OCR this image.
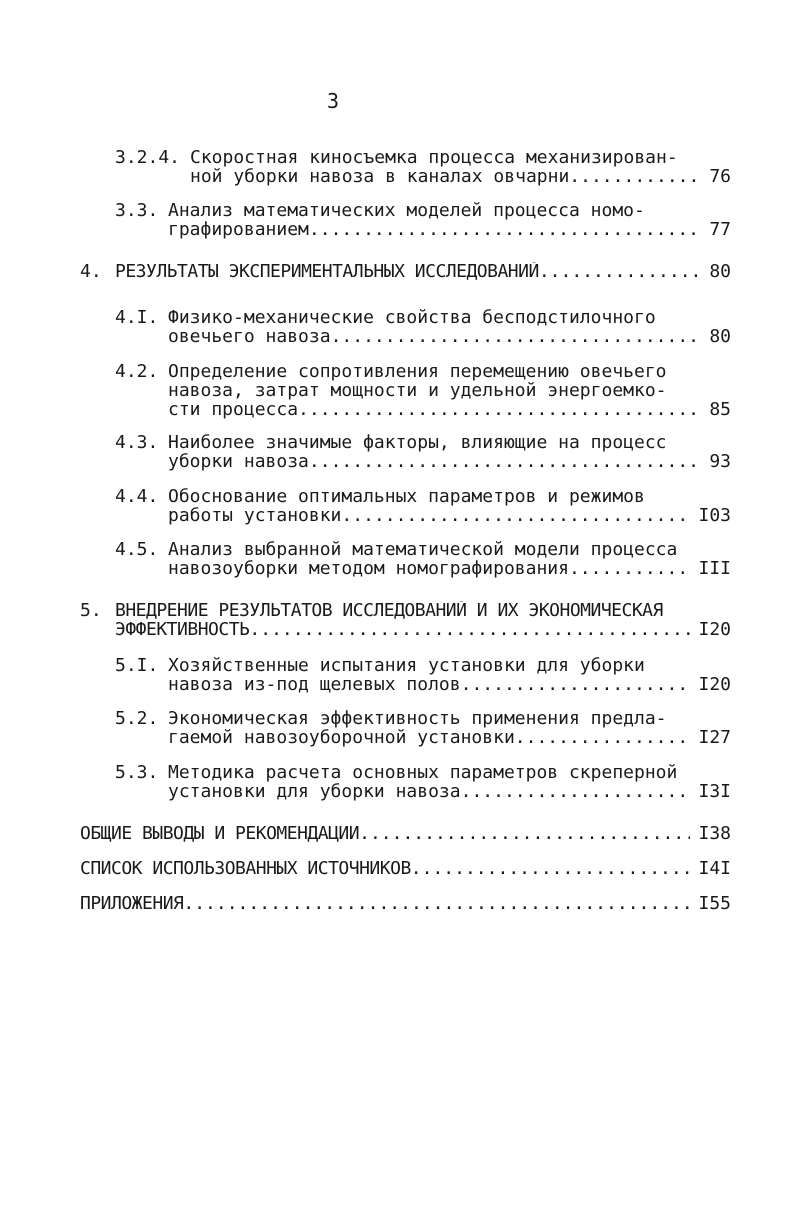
3
3.2.4. Скоростная киносъемка процесса механизирован-
ной уборки навоза в каналах овчарни .....	76
3.3. Анализ математических моделей процесса номо-
графированием .....	77
4. РЕЗУЛЬТАТЫ ЭКСПЕРИМЕНТАЛЬНЫХ ИССЛЕДОВАНИЙ .....	80
4.I. Физико-механические свойства бесподстилочного
овечьего навоза .....	80
4.2. Определение сопротивления перемещению овечьего
навоза, затрат мощности и удельной энергоемко-
сти процесса .....	85
4.3. Наиболее значимые факторы, влияющие на процесс
уборки навоза .....	93
4.4. Обоснование оптимальных параметров и режимов
работы установки .....	I03
4.5. Анализ выбранной математической модели процесса
навозоуборки методом номографирования .....	III
5. ВНЕДРЕНИЕ РЕЗУЛЬТАТОВ ИССЛЕДОВАНИЙ И ИХ ЭКОНОМИЧЕСКАЯ
ЭФФЕКТИВНОСТЬ .....	I20
5.I. Хозяйственные испытания установки для уборки
навоза из-под щелевых полов .....	I20
5.2. Экономическая эффективность применения предла-
гаемой навозоуборочной установки .....	I27
5.3. Методика расчета основных параметров скреперной
установки для уборки навоза .....	I3I
ОБЩИЕ ВЫВОДЫ И РЕКОМЕНДАЦИИ .....	I38
СПИСОК ИСПОЛЬЗОВАННЫХ ИСТОЧНИКОВ .....	I4I
ПРИЛОЖЕНИЯ .....	I55
